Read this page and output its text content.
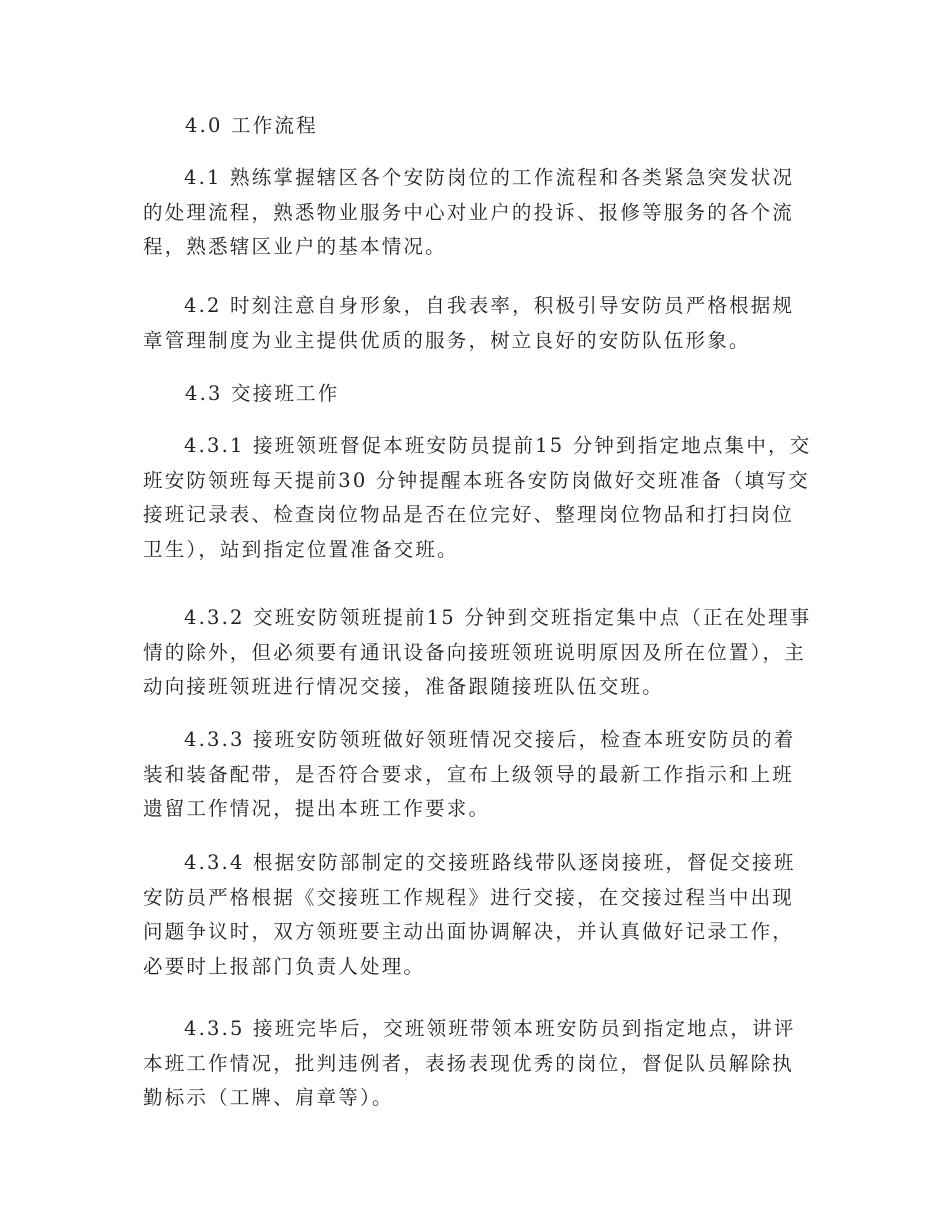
4.0 工作流程

4.1 熟练掌握辖区各个安防岗位的工作流程和各类紧急突发状况的处理流程，熟悉物业服务中心对业户的投诉、报修等服务的各个流程，熟悉辖区业户的基本情况。

4.2 时刻注意自身形象，自我表率，积极引导安防员严格根据规章管理制度为业主提供优质的服务，树立良好的安防队伍形象。

4.3 交接班工作

4.3.1 接班领班督促本班安防员提前15 分钟到指定地点集中，交班安防领班每天提前30 分钟提醒本班各安防岗做好交班准备（填写交接班记录表、检查岗位物品是否在位完好、整理岗位物品和打扫岗位卫生），站到指定位置准备交班。

4.3.2 交班安防领班提前15 分钟到交班指定集中点（正在处理事情的除外，但必须要有通讯设备向接班领班说明原因及所在位置），主动向接班领班进行情况交接，准备跟随接班队伍交班。

4.3.3 接班安防领班做好领班情况交接后，检查本班安防员的着装和装备配带，是否符合要求，宣布上级领导的最新工作指示和上班遗留工作情况，提出本班工作要求。

4.3.4 根据安防部制定的交接班路线带队逐岗接班，督促交接班安防员严格根据《交接班工作规程》进行交接，在交接过程当中出现问题争议时，双方领班要主动出面协调解决，并认真做好记录工作，必要时上报部门负责人处理。

4.3.5 接班完毕后，交班领班带领本班安防员到指定地点，讲评本班工作情况，批判违例者，表扬表现优秀的岗位，督促队员解除执勤标示（工牌、肩章等）。
